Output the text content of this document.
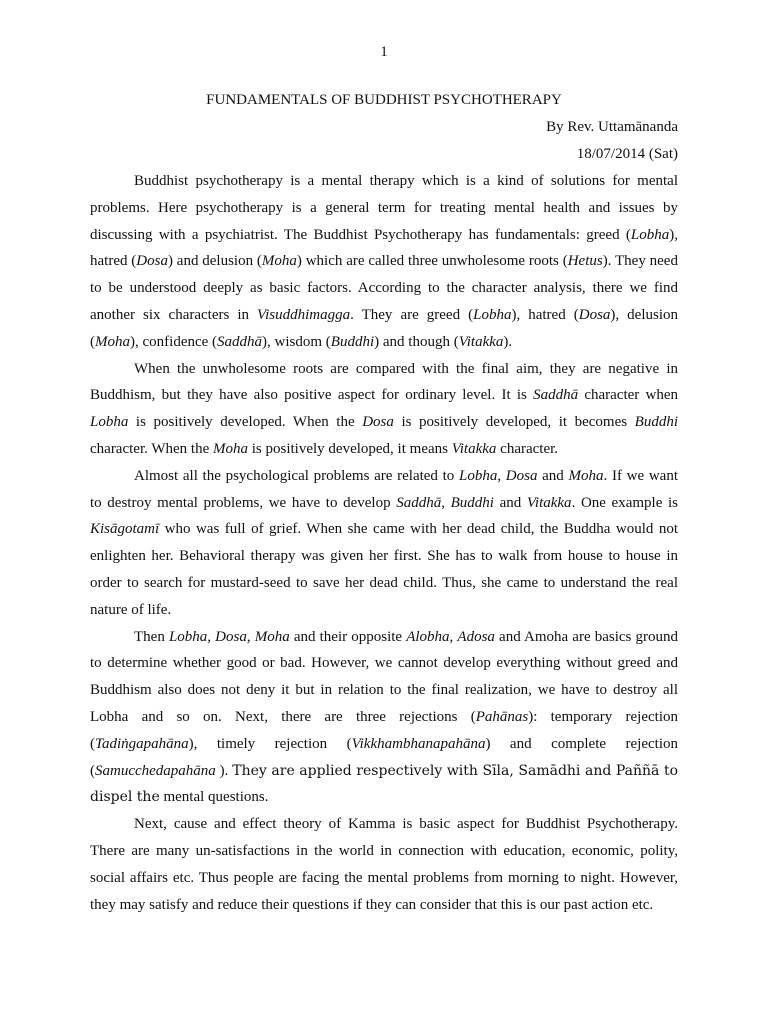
1
FUNDAMENTALS OF BUDDHIST PSYCHOTHERAPY
By Rev. Uttamānanda
18/07/2014 (Sat)

Buddhist psychotherapy is a mental therapy which is a kind of solutions for mental problems. Here psychotherapy is a general term for treating mental health and issues by discussing with a psychiatrist. The Buddhist Psychotherapy has fundamentals: greed (Lobha), hatred (Dosa) and delusion (Moha) which are called three unwholesome roots (Hetus). They need to be understood deeply as basic factors. According to the character analysis, there we find another six characters in Visuddhimagga. They are greed (Lobha), hatred (Dosa), delusion (Moha), confidence (Saddhā), wisdom (Buddhi) and though (Vitakka).

When the unwholesome roots are compared with the final aim, they are negative in Buddhism, but they have also positive aspect for ordinary level. It is Saddhā character when Lobha is positively developed. When the Dosa is positively developed, it becomes Buddhi character. When the Moha is positively developed, it means Vitakka character.

Almost all the psychological problems are related to Lobha, Dosa and Moha. If we want to destroy mental problems, we have to develop Saddhā, Buddhi and Vitakka. One example is Kisāgotamī who was full of grief. When she came with her dead child, the Buddha would not enlighten her. Behavioral therapy was given her first. She has to walk from house to house in order to search for mustard-seed to save her dead child. Thus, she came to understand the real nature of life.

Then Lobha, Dosa, Moha and their opposite Alobha, Adosa and Amoha are basics ground to determine whether good or bad. However, we cannot develop everything without greed and Buddhism also does not deny it but in relation to the final realization, we have to destroy all Lobha and so on. Next, there are three rejections (Pahānas): temporary rejection (Tadiṅgapahāna), timely rejection (Vikkhambhanapahāna) and complete rejection (Samucchedapahāna ). They are applied respectively with Sīla, Samādhi and Paññā to dispel the mental questions.

Next, cause and effect theory of Kamma is basic aspect for Buddhist Psychotherapy. There are many un-satisfactions in the world in connection with education, economic, polity, social affairs etc. Thus people are facing the mental problems from morning to night. However, they may satisfy and reduce their questions if they can consider that this is our past action etc.
